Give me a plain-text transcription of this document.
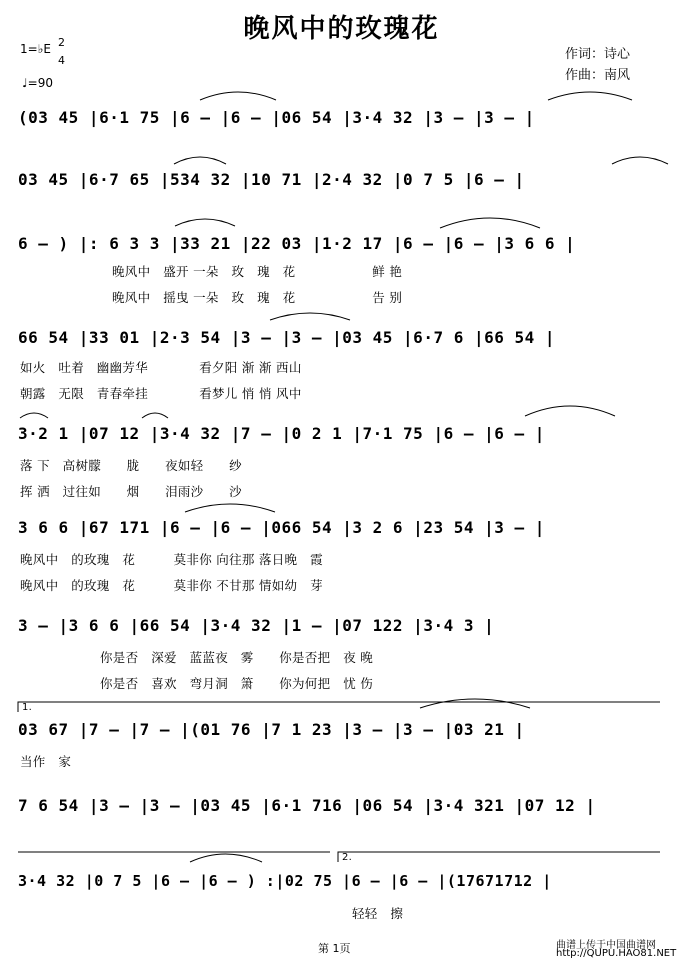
晚风中的玫瑰花
1=♭E 2
4
♩=90
作词：诗心
作曲：南风
(03 45 |6·1 75 |6 – |6 – |06 54 |3·4 32 |3 – |3 – |
03 45 |6·7 65 |534 32 |10 71 |2·4 32 |0 7 5 |6 – |
6 – ) |: 6 3 3 |33 21 |22 03 |1·2 17 |6 – |6 – |3 6 6 |
晚风中　盛开 一朵　玫　瑰　花　　　　　　鲜 艳
晚风中　摇曳 一朵　玫　瑰　花　　　　　　告 别
66 54 |33 01 |2·3 54 |3 – |3 – |03 45 |6·7 6 |66 54 |
如火　吐着　幽幽芳华　　　　看夕阳 渐 渐 西山
朝露　无限　青春牵挂　　　　看梦儿 悄 悄 风中
3·2 1 |07 12 |3·4 32 |7 – |0 2 1 |7·1 75 |6 – |6 – |
落 下　高树朦　　胧　　夜如轻　　纱
挥 洒　过往如　　烟　　泪雨沙　　沙
3 6 6 |67 171 |6 – |6 – |066 54 |3 2 6 |23 54 |3 – |
晚风中　的玫瑰　花　　　莫非你 向往那 落日晚　霞
晚风中　的玫瑰　花　　　莫非你 不甘那 情如幼　芽
3 – |3 6 6 |66 54 |3·4 32 |1 – |07 122 |3·4 3 |
你是否　深爱　蓝蓝夜　雾　　你是否把　夜 晚
你是否　喜欢　弯月洞　箫　　你为何把　忧 伤
1.
03 67 |7 – |7 – |(01 76 |7 1 23 |3 – |3 – |03 21 |
当作　家
7 6 54 |3 – |3 – |03 45 |6·1 716 |06 54 |3·4 321 |07 12 |
2.
3·4 32 |0 7 5 |6 – |6 – ) :|02 75 |6 – |6 – |(17671712 |
轻轻　擦
第 1页	曲谱上传于中国曲谱网
http://QUPU.HAO81.NET
